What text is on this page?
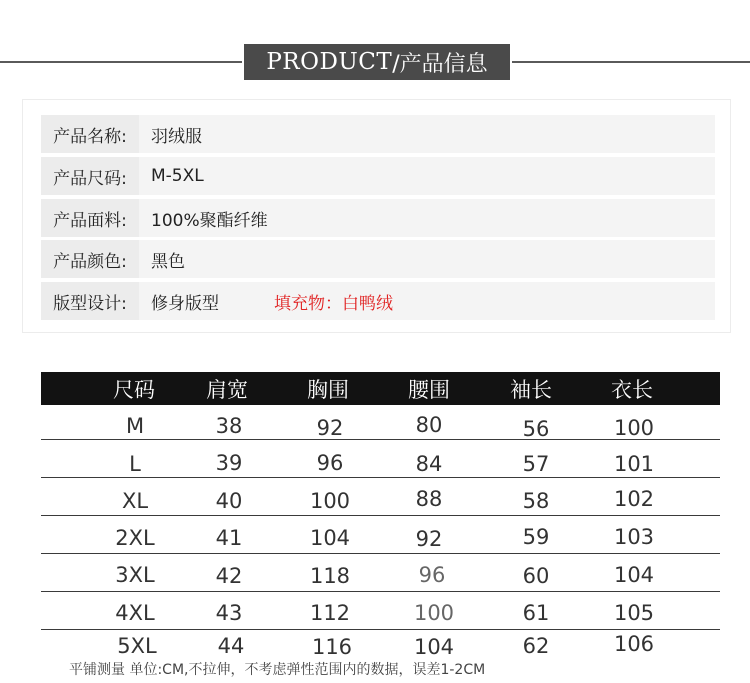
PRODUCT /产品信息
产品名称:	羽绒服
产品尺码:	M-5XL
产品面料:	100%聚酯纤维
产品颜色:	黑色
版型设计:	修身版型	填充物：白鸭绒
尺码	肩宽	胸围	腰围	袖长	衣长
M	38	92	80	56	100
L	39	96	84	57	101
XL	40	100	88	58	102
2XL	41	104	92	59	103
3XL	42	118	96	60	104
4XL	43	112	100	61	105
5XL	44	116	104	62	106
平铺测量 单位:CM,不拉伸，不考虑弹性范围内的数据，误差1-2CM
